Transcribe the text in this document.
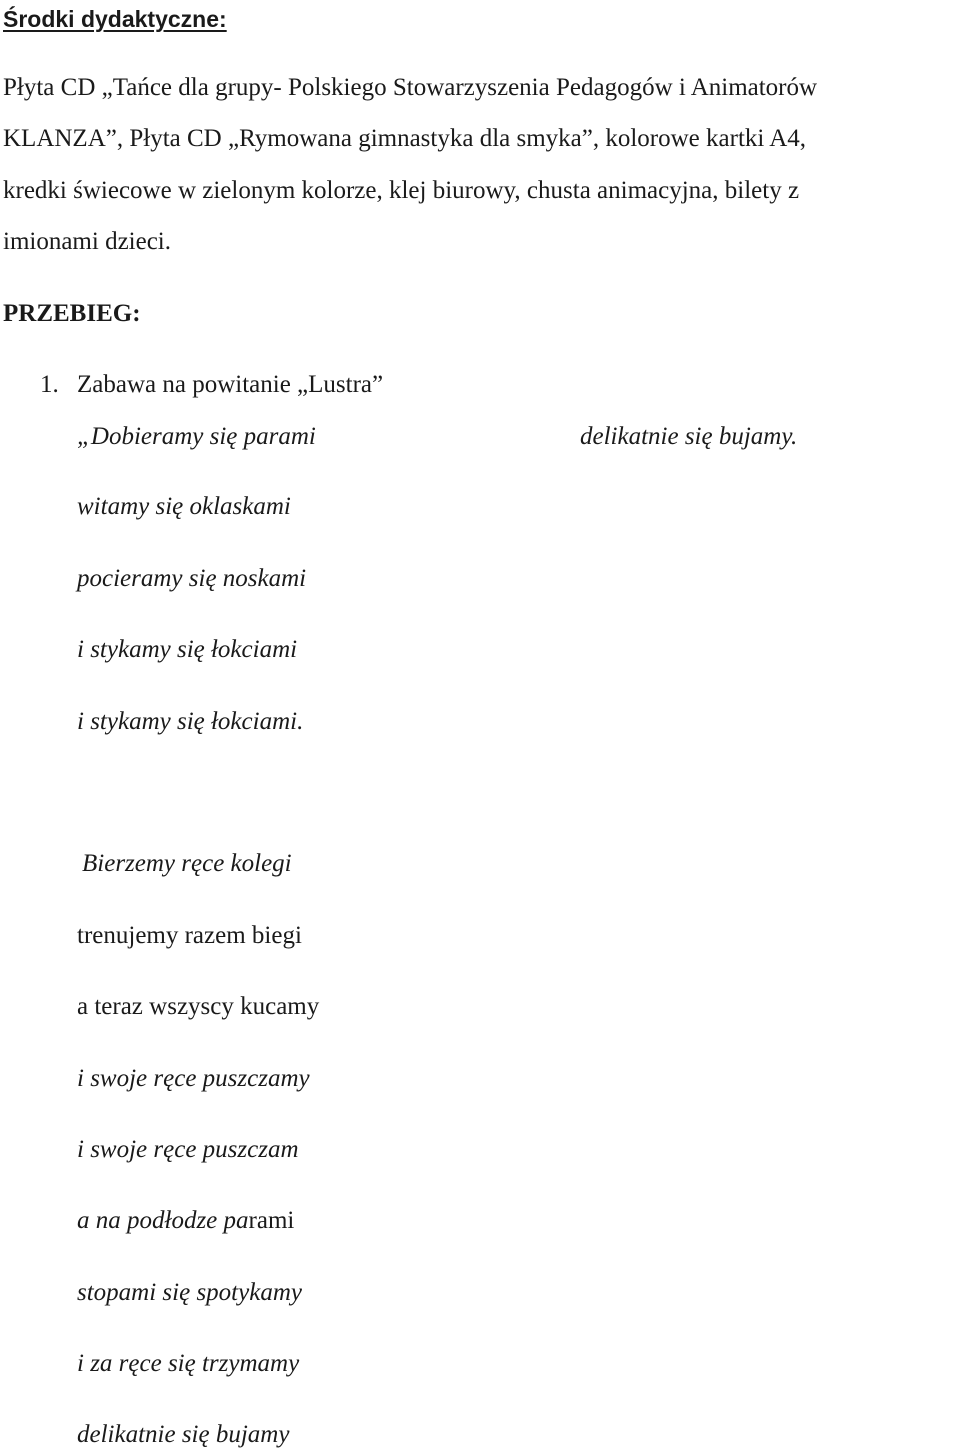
Środki dydaktyczne:

Płyta CD „Tańce dla grupy- Polskiego Stowarzyszenia Pedagogów i Animatorów

KLANZA”, Płyta CD „Rymowana gimnastyka dla smyka”, kolorowe kartki A4,

kredki świecowe w zielonym kolorze, klej biurowy, chusta animacyjna, bilety z

imionami dzieci.

PRZEBIEG:

1. Zabawa na powitanie „Lustra”

„Dobieramy się parami	delikatnie się bujamy.

witamy się oklaskami

pocieramy się noskami

i stykamy się łokciami

i stykamy się łokciami.

Bierzemy ręce kolegi

trenujemy razem biegi

a teraz wszyscy kucamy

i swoje ręce puszczamy

i swoje ręce puszczam

a na podłodze parami

stopami się spotykamy

i za ręce się trzymamy

delikatnie się bujamy
